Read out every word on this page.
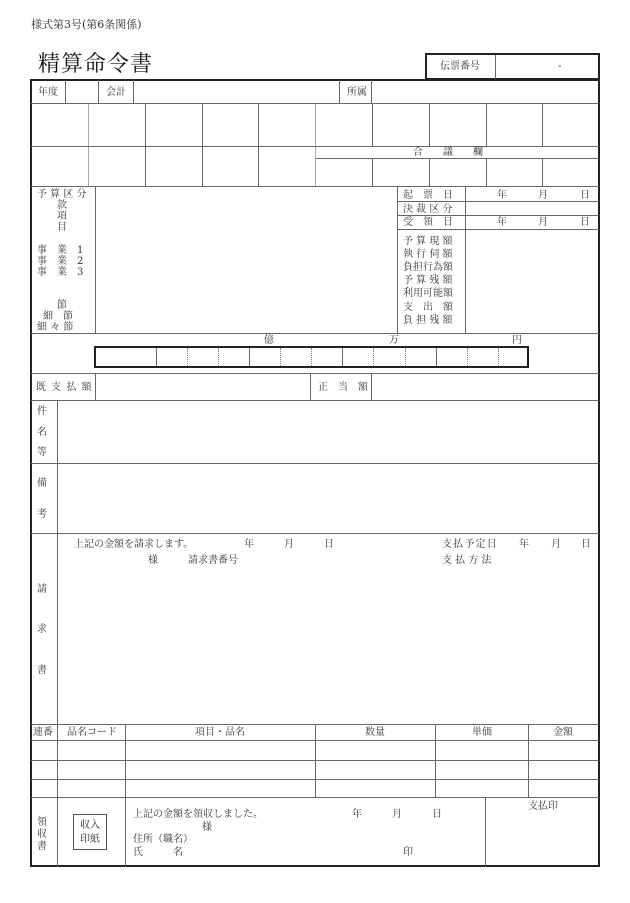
様式第3号(第6条関係)
精算命令書	伝票番号	-
年度	会計	所属
合　　議　　欄
予 算 区 分
款
項
目
事　業　1
事　業　2
事　業　3
節
細　節
細 々 節
起　票　日	年	月	日
決 裁 区 分
受　領　日	年	月	日
予 算 現 額
執 行 伺 額
負担行為額
予 算 残 額
利用可能額
支　出　額
負 担 残 額
億	万	円
既 支 払 額	正　当　額
件
名
等
備
考
請
求
書
上記の金額を請求します。	年	月	日
様	請求書番号
支 払 予 定 日 年 月 日
支 払 方 法
連番 品名コード	項目・品名	数量	単価	金額
領
収
書
収入
印紙
上記の金額を領収しました。	年	月	日
様
住所（職名）
氏　　　名	印
支払印
